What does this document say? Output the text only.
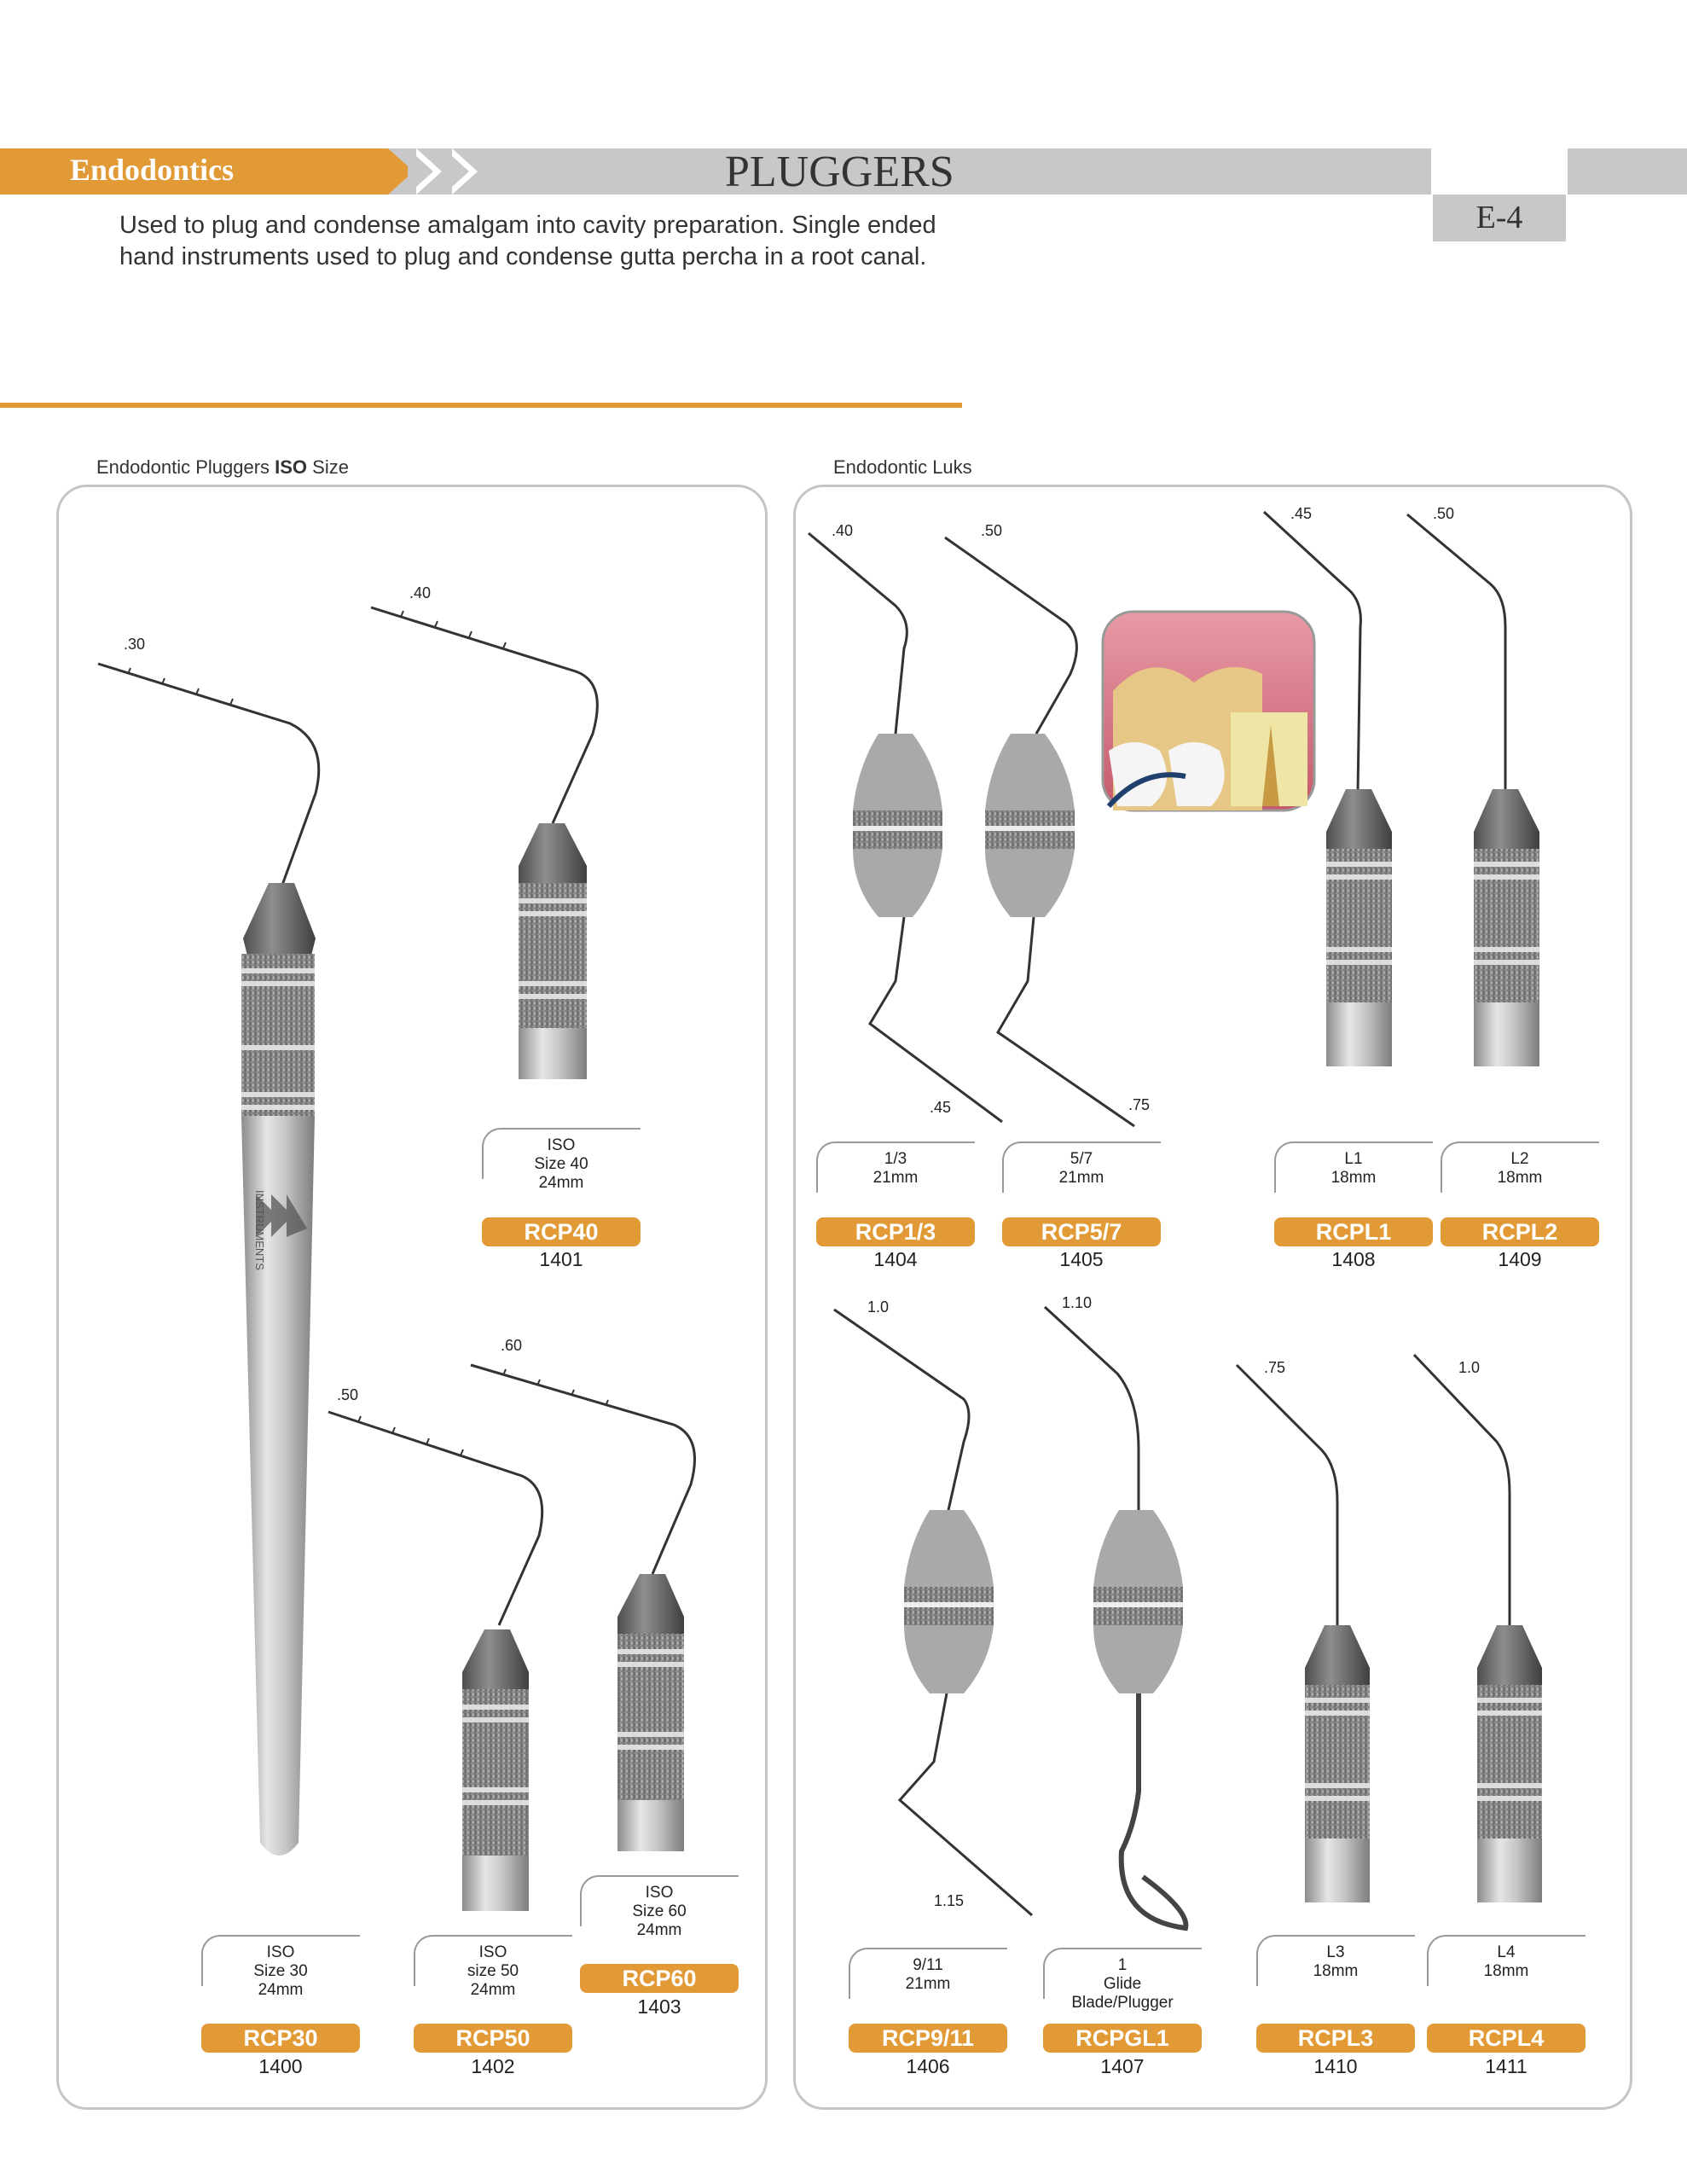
Endodontics	PLUGGERS
E-4
Used to plug and condense amalgam into cavity preparation. Single ended
hand instruments used to plug and condense gutta percha in a root canal.
Endodontic Pluggers ISO Size	Endodontic Luks
INSTRUMENTS
.30
.40
.50
.60
.40
.45
.50
.75
.45	.50
1.0
1.15
1.10
.75	1.0
ISO
Size 30
24mm
RCP30
1400
ISO
Size 40
24mm
RCP40
1401
ISO
size 50
24mm
RCP50
1402
ISO
Size 60
24mm
RCP60
1403
1/3
21mm
RCP1/3
1404
5/7
21mm
RCP5/7
1405
L1
18mm
RCPL1
1408
L2
18mm
RCPL2
1409
9/11
21mm
RCP9/11
1406
1
Glide
Blade/Plugger
RCPGL1
1407
L3
18mm
RCPL3
1410
L4
18mm
RCPL4
1411
